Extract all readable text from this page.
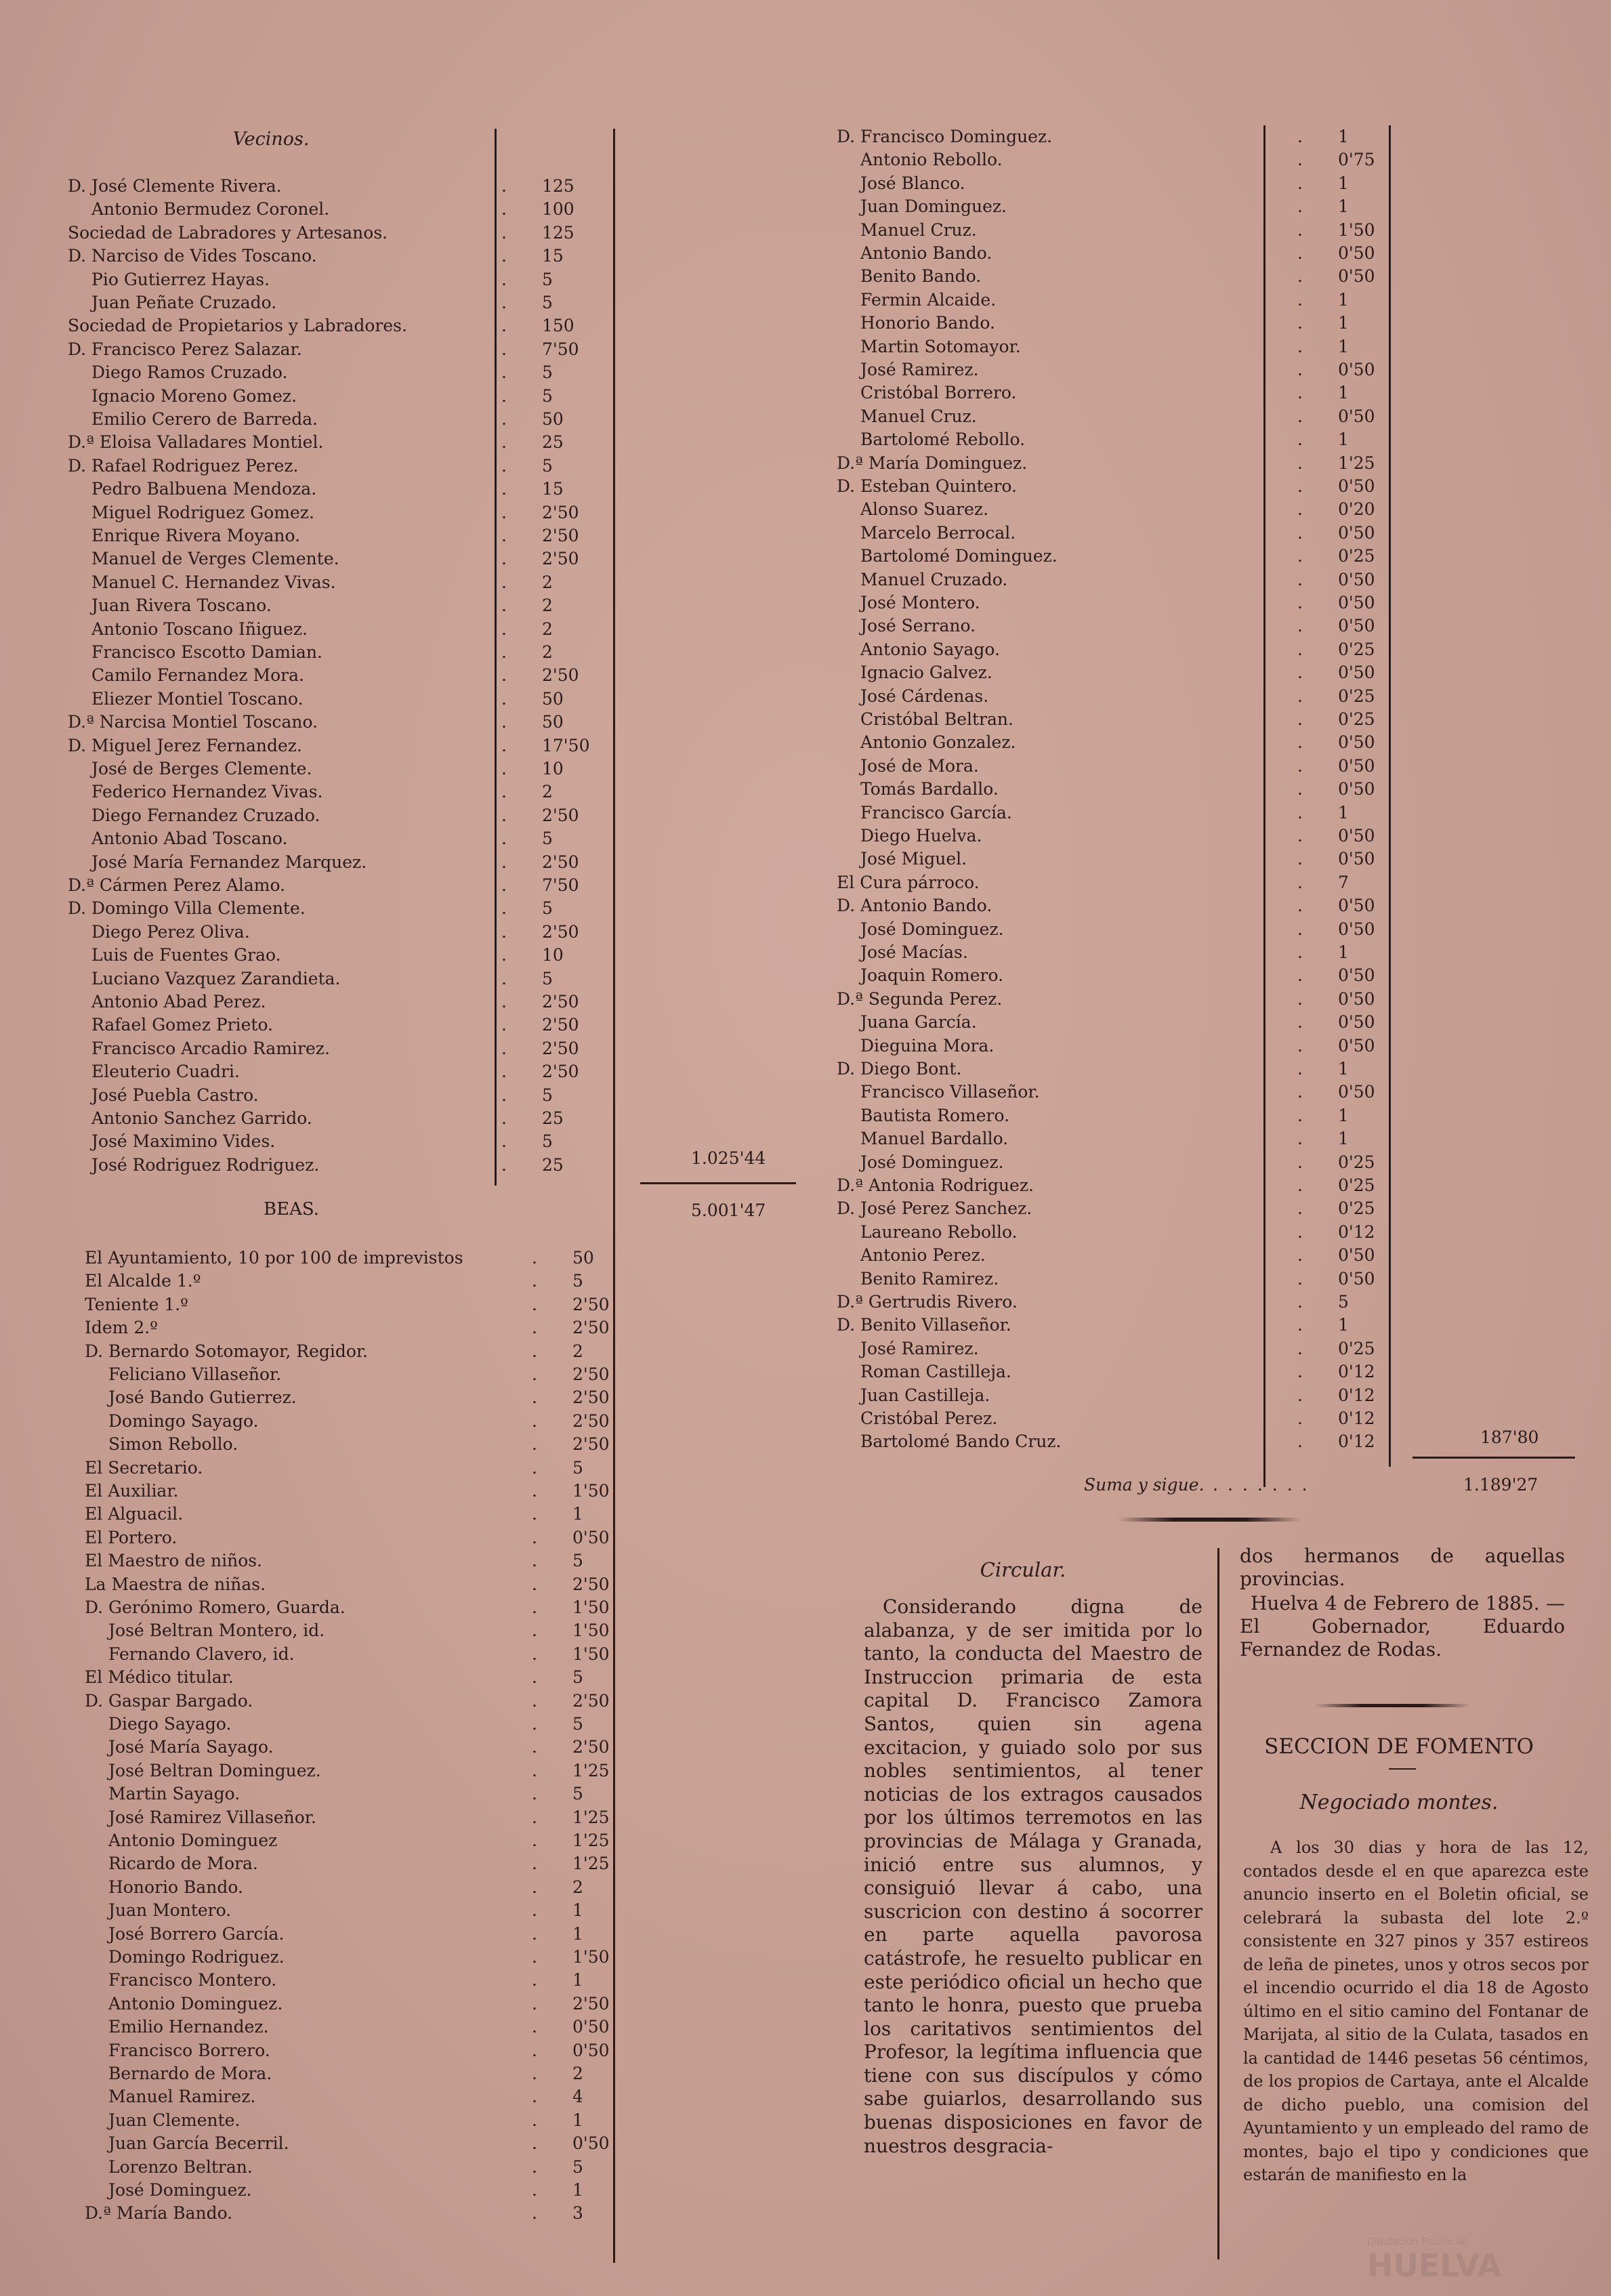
Vecinos.
D. José Clemente Rivera.	. 125
Antonio Bermudez Coronel.	. 100
Sociedad de Labradores y Artesanos.	. 125
D. Narciso de Vides Toscano.	. 15
Pio Gutierrez Hayas.	. 5
Juan Peñate Cruzado.	. 5
Sociedad de Propietarios y Labradores.	. 150
D. Francisco Perez Salazar.	. 7'50
Diego Ramos Cruzado.	. 5
Ignacio Moreno Gomez.	. 5
Emilio Cerero de Barreda.	. 50
D.ª Eloisa Valladares Montiel.	. 25
D. Rafael Rodriguez Perez.	. 5
Pedro Balbuena Mendoza.	. 15
Miguel Rodriguez Gomez.	. 2'50
Enrique Rivera Moyano.	. 2'50
Manuel de Verges Clemente.	. 2'50
Manuel C. Hernandez Vivas.	. 2
Juan Rivera Toscano.	. 2
Antonio Toscano Iñiguez.	. 2
Francisco Escotto Damian.	. 2
Camilo Fernandez Mora.	. 2'50
Eliezer Montiel Toscano.	. 50
D.ª Narcisa Montiel Toscano.	. 50
D. Miguel Jerez Fernandez.	. 17'50
José de Berges Clemente.	. 10
Federico Hernandez Vivas.	. 2
Diego Fernandez Cruzado.	. 2'50
Antonio Abad Toscano.	. 5
José María Fernandez Marquez.	. 2'50
D.ª Cármen Perez Alamo.	. 7'50
D. Domingo Villa Clemente.	. 5
Diego Perez Oliva.	. 2'50
Luis de Fuentes Grao.	. 10
Luciano Vazquez Zarandieta.	. 5
Antonio Abad Perez.	. 2'50
Rafael Gomez Prieto.	. 2'50
Francisco Arcadio Ramirez.	. 2'50
Eleuterio Cuadri.	. 2'50
José Puebla Castro.	. 5
Antonio Sanchez Garrido.	. 25
José Maximino Vides.	. 5
José Rodriguez Rodriguez.	. 25
El Ayuntamiento, 10 por 100 de imprevistos	. 50
El Alcalde 1.º	. 5
Teniente 1.º	. 2'50
Idem 2.º	. 2'50
D. Bernardo Sotomayor, Regidor.	. 2
Feliciano Villaseñor.	. 2'50
José Bando Gutierrez.	. 2'50
Domingo Sayago.	. 2'50
Simon Rebollo.	. 2'50
El Secretario.	. 5
El Auxiliar.	. 1'50
El Alguacil.	. 1
El Portero.	. 0'50
El Maestro de niños.	. 5
La Maestra de niñas.	. 2'50
D. Gerónimo Romero, Guarda.	. 1'50
José Beltran Montero, id.	. 1'50
Fernando Clavero, id.	. 1'50
El Médico titular.	. 5
D. Gaspar Bargado.	. 2'50
Diego Sayago.	. 5
José María Sayago.	. 2'50
José Beltran Dominguez.	. 1'25
Martin Sayago.	. 5
José Ramirez Villaseñor.	. 1'25
Antonio Dominguez	. 1'25
Ricardo de Mora.	. 1'25
Honorio Bando.	. 2
Juan Montero.	. 1
José Borrero García.	. 1
Domingo Rodriguez.	. 1'50
Francisco Montero.	. 1
Antonio Dominguez.	. 2'50
Emilio Hernandez.	. 0'50
Francisco Borrero.	. 0'50
Bernardo de Mora.	. 2
Manuel Ramirez.	. 4
Juan Clemente.	. 1
Juan García Becerril.	. 0'50
Lorenzo Beltran.	. 5
José Dominguez.	. 1
D.ª María Bando.	. 3
BEAS.
1.025'44
5.001'47
D. Francisco Dominguez.	. 1
Antonio Rebollo.	. 0'75
José Blanco.	. 1
Juan Dominguez.	. 1
Manuel Cruz.	. 1'50
Antonio Bando.	. 0'50
Benito Bando.	. 0'50
Fermin Alcaide.	. 1
Honorio Bando.	. 1
Martin Sotomayor.	. 1
José Ramirez.	. 0'50
Cristóbal Borrero.	. 1
Manuel Cruz.	. 0'50
Bartolomé Rebollo.	. 1
D.ª María Dominguez.	. 1'25
D. Esteban Quintero.	. 0'50
Alonso Suarez.	. 0'20
Marcelo Berrocal.	. 0'50
Bartolomé Dominguez.	. 0'25
Manuel Cruzado.	. 0'50
José Montero.	. 0'50
José Serrano.	. 0'50
Antonio Sayago.	. 0'25
Ignacio Galvez.	. 0'50
José Cárdenas.	. 0'25
Cristóbal Beltran.	. 0'25
Antonio Gonzalez.	. 0'50
José de Mora.	. 0'50
Tomás Bardallo.	. 0'50
Francisco García.	. 1
Diego Huelva.	. 0'50
José Miguel.	. 0'50
El Cura párroco.	. 7
D. Antonio Bando.	. 0'50
José Dominguez.	. 0'50
José Macías.	. 1
Joaquin Romero.	. 0'50
D.ª Segunda Perez.	. 0'50
Juana García.	. 0'50
Dieguina Mora.	. 0'50
D. Diego Bont.	. 1
Francisco Villaseñor.	. 0'50
Bautista Romero.	. 1
Manuel Bardallo.	. 1
José Dominguez.	. 0'25
D.ª Antonia Rodriguez.	. 0'25
D. José Perez Sanchez.	. 0'25
Laureano Rebollo.	. 0'12
Antonio Perez.	. 0'50
Benito Ramirez.	. 0'50
D.ª Gertrudis Rivero.	. 5
D. Benito Villaseñor.	. 1
José Ramirez.	. 0'25
Roman Castilleja.	. 0'12
Juan Castilleja.	. 0'12
Cristóbal Perez.	. 0'12
Bartolomé Bando Cruz.	. 0'12	187'80
Suma y sigue. .......	1.189'27
Circular.

Considerando digna de alabanza, y de ser imitida por lo tanto, la conducta del Maestro de Instruccion primaria de esta capital D. Francisco Zamora Santos, quien sin agena excitacion, y guiado solo por sus nobles sentimientos, al tener noticias de los extragos causados por los últimos terremotos en las provincias de Málaga y Granada, inició entre sus alumnos, y consiguió llevar á cabo, una suscricion con destino á socorrer en parte aquella pavorosa catástrofe, he resuelto publicar en este periódico oficial un hecho que tanto le honra, puesto que prueba los caritativos sentimientos del Profesor, la legítima influencia que tiene con sus discípulos y cómo sabe guiarlos, desarrollando sus buenas disposiciones en favor de nuestros desgracia-

dos hermanos de aquellas provincias.

Huelva 4 de Febrero de 1885. —El Gobernador, Eduardo Fernandez de Rodas.

SECCION DE FOMENTO
Negociado montes.

A los 30 dias y hora de las 12, contados desde el en que aparezca este anuncio inserto en el Boletin oficial, se celebrará la subasta del lote 2.º consistente en 327 pinos y 357 estireos de leña de pinetes, unos y otros secos por el incendio ocurrido el dia 18 de Agosto último en el sitio camino del Fontanar de Marijata, al sitio de la Culata, tasados en la cantidad de 1446 pesetas 56 céntimos, de los propios de Cartaya, ante el Alcalde de dicho pueblo, una comision del Ayuntamiento y un empleado del ramo de montes, bajo el tipo y condiciones que estarán de manifiesto en la

Diputación Provincial
HUELVA
